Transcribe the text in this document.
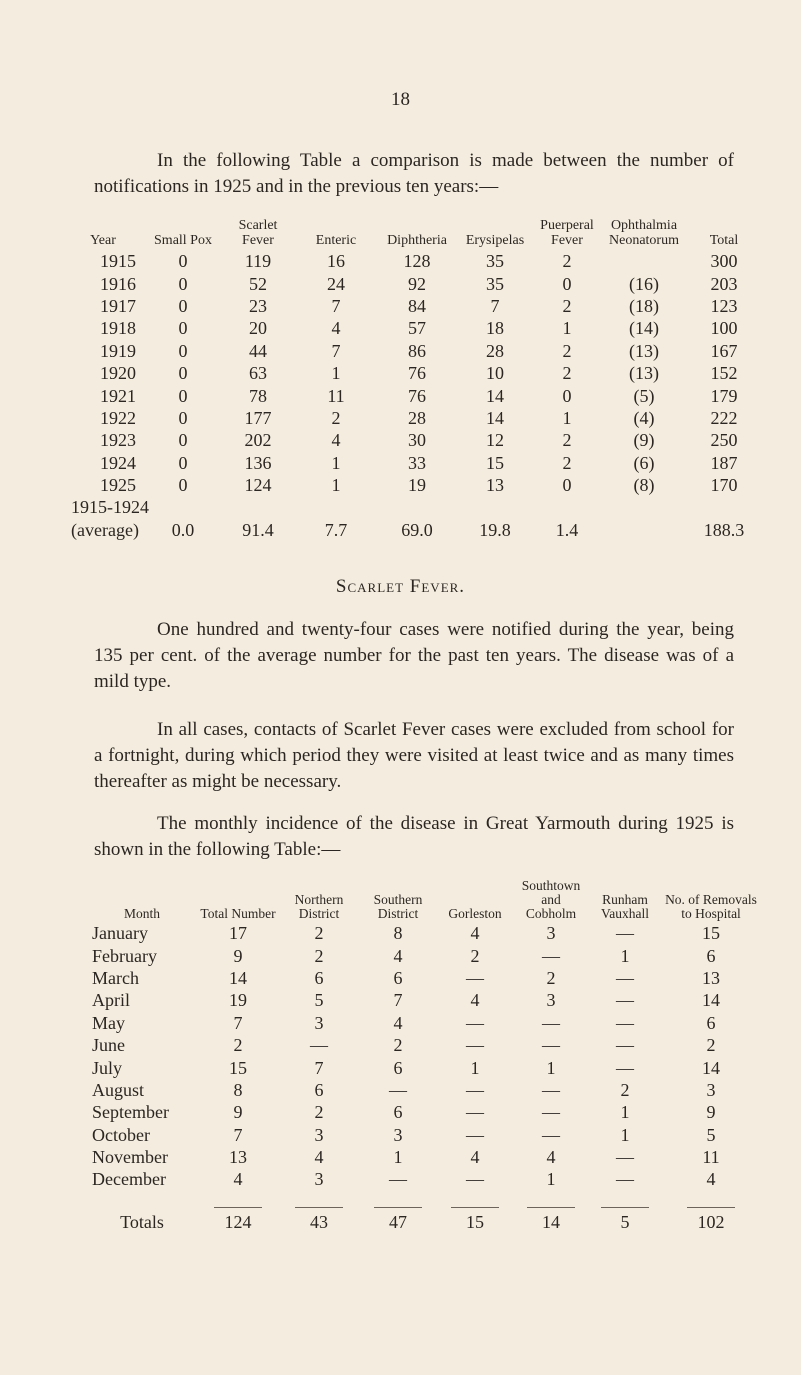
18

In the following Table a comparison is made between the number of notifications in 1925 and in the previous ten years:—

Year	Small Pox	Scarlet Fever	Enteric	Diphtheria	Erysipelas	Puerperal Fever	Ophthalmia Neonatorum	Total
1915	0	119	16	128	35	2		300
1916	0	52	24	92	35	0	(16)	203
1917	0	23	7	84	7	2	(18)	123
1918	0	20	4	57	18	1	(14)	100
1919	0	44	7	86	28	2	(13)	167
1920	0	63	1	76	10	2	(13)	152
1921	0	78	11	76	14	0	(5)	179
1922	0	177	2	28	14	1	(4)	222
1923	0	202	4	30	12	2	(9)	250
1924	0	136	1	33	15	2	(6)	187
1925	0	124	1	19	13	0	(8)	170
1915-1924								
(average)	0.0	91.4	7.7	69.0	19.8	1.4		188.3
Scarlet Fever.

One hundred and twenty-four cases were notified during the year, being 135 per cent. of the average number for the past ten years. The disease was of a mild type.

In all cases, contacts of Scarlet Fever cases were excluded from school for a fortnight, during which period they were visited at least twice and as many times thereafter as might be necessary.

The monthly incidence of the disease in Great Yarmouth during 1925 is shown in the following Table:—

Month	Total Number	Northern District	Southern District	Gorleston	Southtown and Cobholm	Runham Vauxhall	No. of Removals to Hospital
January	17	2	8	4	3	—	15
February	9	2	4	2	—	1	6
March	14	6	6	—	2	—	13
April	19	5	7	4	3	—	14
May	7	3	4	—	—	—	6
June	2	—	2	—	—	—	2
July	15	7	6	1	1	—	14
August	8	6	—	—	—	2	3
September	9	2	6	—	—	1	9
October	7	3	3	—	—	1	5
November	13	4	1	4	4	—	11
December	4	3	—	—	1	—	4
Totals	124	43	47	15	14	5	102
